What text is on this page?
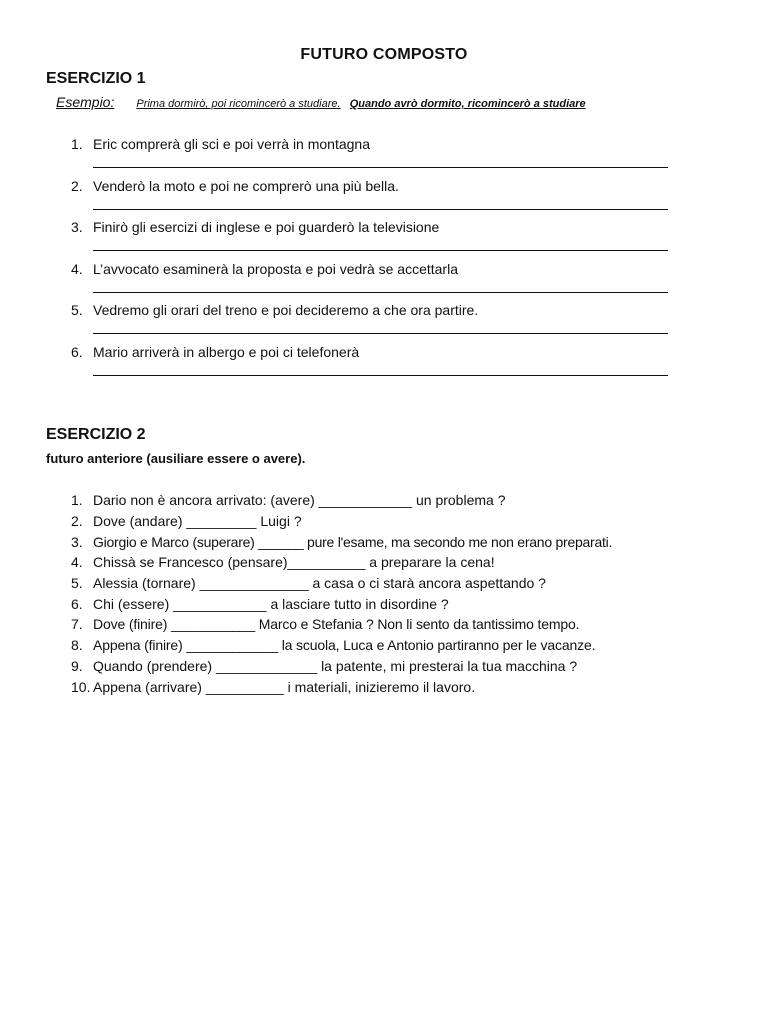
FUTURO COMPOSTO
ESERCIZIO 1
Esempio: Prima dormirò, poi ricomincerò a studiare. Quando avrò dormito, ricomincerò a studiare
1. Eric comprerà gli sci e poi verrà in montagna
2. Venderò la moto e poi ne comprerò una più bella.
3. Finirò gli esercizi di inglese e poi guarderò la televisione
4. L’avvocato esaminerà la proposta e poi vedrà se accettarla
5. Vedremo gli orari del treno e poi decideremo a che ora partire.
6. Mario arriverà in albergo e poi ci telefonerà
ESERCIZIO 2
futuro anteriore (ausiliare essere o avere).
1. Dario non è ancora arrivato: (avere) ____________ un problema ?
2. Dove (andare) _________ Luigi ?
3. Giorgio e Marco (superare) ______ pure l'esame, ma secondo me non erano preparati.
4. Chissà se Francesco (pensare)__________ a preparare la cena!
5. Alessia (tornare) ______________ a casa o ci starà ancora aspettando ?
6. Chi (essere) ____________ a lasciare tutto in disordine ?
7. Dove (finire) ___________ Marco e Stefania ? Non li sento da tantissimo tempo.
8. Appena (finire) ____________ la scuola, Luca e Antonio partiranno per le vacanze.
9. Quando (prendere) _____________ la patente, mi presterai la tua macchina ?
10. Appena (arrivare) __________ i materiali, inizieremo il lavoro.
